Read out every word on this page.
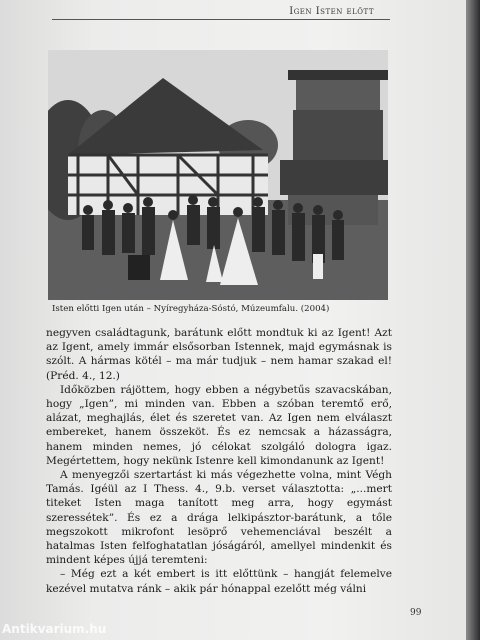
Igen Isten előtt
Isten előtti Igen után – Nyíregyháza-Sóstó, Múzeumfalu. (2004)

negyven családtagunk, barátunk előtt mondtuk ki az Igent! Azt az Igent, amely immár elsősorban Istennek, majd egymásnak is szólt. A hármas kötél – ma már tudjuk – nem hamar szakad el! (Préd. 4., 12.)

Időközben rájöttem, hogy ebben a négybetűs szavacskában, hogy „Igen”, mi minden van. Ebben a szóban teremtő erő, alázat, meghajlás, élet és szeretet van. Az Igen nem elválaszt embereket, hanem összeköt. És ez nemcsak a házasságra, hanem minden nemes, jó célokat szolgáló dologra igaz. Megértettem, hogy nekünk Istenre kell kimondanunk az Igent!

A menyegzői szertartást ki más végezhette volna, mint Végh Tamás. Igéül az I Thess. 4., 9.b. verset választotta: „...mert titeket Isten maga tanított meg arra, hogy egymást szeressétek”. És ez a drága lelkipásztor-barátunk, a tőle megszokott mikrofont lesöprő vehemenciával beszélt a hatalmas Isten felfoghatatlan jóságáról, amellyel mindenkit és mindent képes újjá teremteni:

– Még ezt a két embert is itt előttünk – hangját felemelve kezével mutatva ránk – akik pár hónappal ezelőtt még válni

99
Antikvarium.hu
